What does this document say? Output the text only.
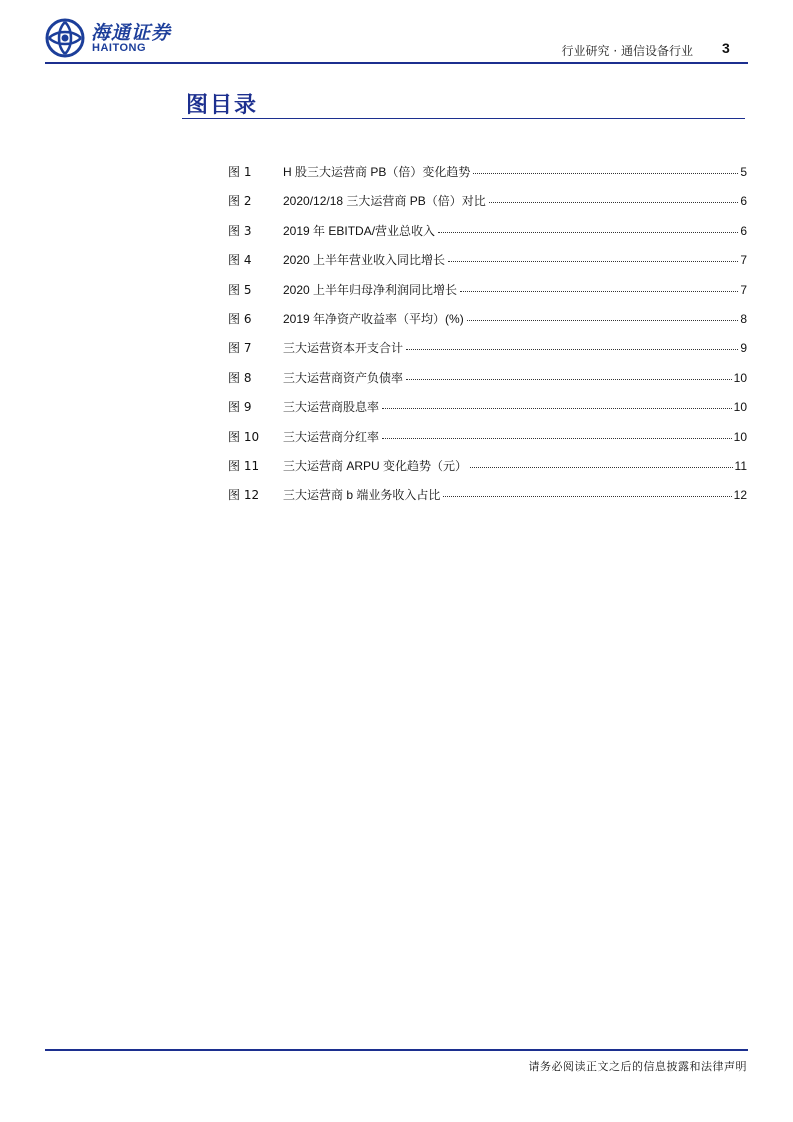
海通证券
HAITONG	行业研究 · 通信设备行业 3
图目录
图 1	H 股三大运营商 PB（倍）变化趋势	5
图 2	2020/12/18 三大运营商 PB（倍）对比	6
图 3	2019 年 EBITDA/营业总收入	6
图 4	2020 上半年营业收入同比增长	7
图 5	2020 上半年归母净利润同比增长	7
图 6	2019 年净资产收益率（平均）(%)	8
图 7	三大运营资本开支合计	9
图 8	三大运营商资产负债率	10
图 9	三大运营商股息率	10
图 10	三大运营商分红率	10
图 11	三大运营商 ARPU 变化趋势（元）	11
图 12	三大运营商 b 端业务收入占比	12
请务必阅读正文之后的信息披露和法律声明
